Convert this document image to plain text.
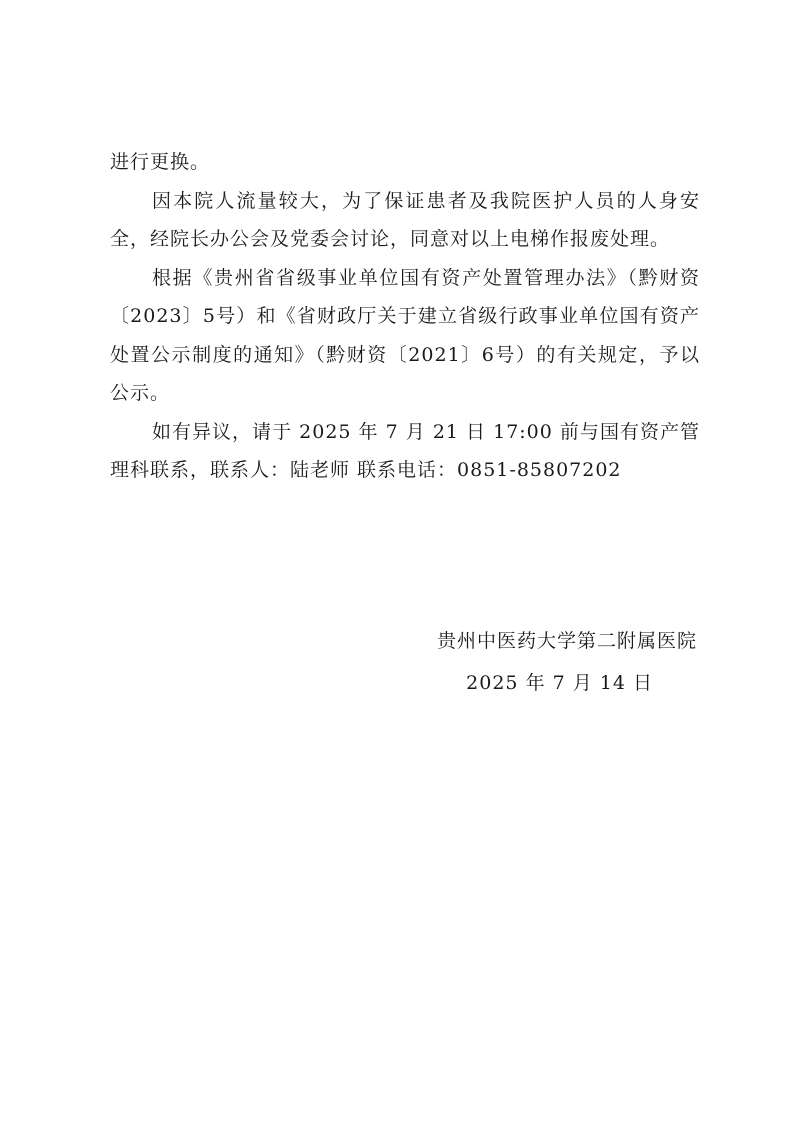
进行更换。

因本院人流量较大，为了保证患者及我院医护人员的人身安全，经院长办公会及党委会讨论，同意对以上电梯作报废处理。

根据《贵州省省级事业单位国有资产处置管理办法》（黔财资〔2023〕5号）和《省财政厅关于建立省级行政事业单位国有资产处置公示制度的通知》（黔财资〔2021〕6号）的有关规定，予以公示。

如有异议，请于 2025 年 7 月 21 日 17:00 前与国有资产管理科联系，联系人：陆老师 联系电话：0851-85807202

贵州中医药大学第二附属医院
2025 年 7 月 14 日
